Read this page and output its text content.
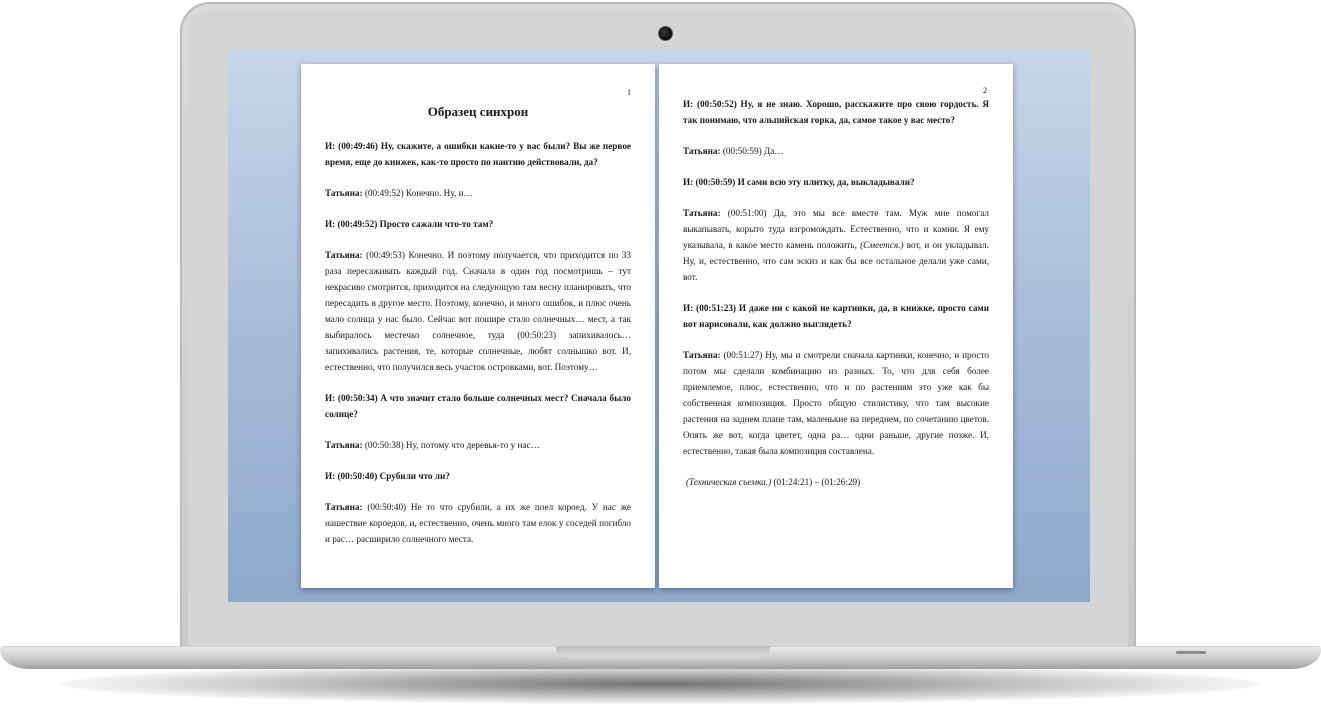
1
Образец синхрон

И: (00:49:46) Ну, скажите, а ошибки какие-то у вас были? Вы же первое время, еще до книжек, как-то просто по наитию действовали, да?

Татьяна: (00:49:52) Конечно. Ну, и…

И: (00:49:52) Просто сажали что-то там?

Татьяна: (00:49:53) Конечно. И поэтому получается, что приходится по 33 раза пересаживать каждый год. Сначала в один год посмотришь – тут некрасиво смотрится, приходится на следующую там весну планировать, что пересадить в другое место. Поэтому, конечно, и много ошибок, и плюс очень мало солнца у нас было. Сейчас вот пошире стало солнечных… мест, а так выбиралось местечко солнечное, туда (00:50:23) запихивалось… запихивались растения, те, которые солнечные, любят солнышко вот. И, естественно, что получился весь участок островками, вот. Поэтому…

И: (00:50:34) А что значит стало больше солнечных мест? Сначала было солнце?

Татьяна: (00:50:38) Ну, потому что деревья-то у нас…

И: (00:50:40) Срубили что ли?

Татьяна: (00:50:40) Не то что срубили, а их же поел короед. У нас же нашествие короедов, и, естественно, очень много там елок у соседей погибло и рас… расширило солнечного места.

2

И: (00:50:52) Ну, я не знаю. Хорошо, расскажите про свою гордость. Я так понимаю, что альпийская горка, да, самое такое у вас место?

Татьяна: (00:50:59) Да…

И: (00:50:59) И сами всю эту плитку, да, выкладывали?

Татьяна: (00:51:00) Да, это мы все вместе там. Муж мне помогал выкапывать, корыто туда взгромождать. Естественно, что и камни. Я ему указывала, в какое место камень положить, (Смеется.) вот, и он укладывал. Ну, и, естественно, что сам эскиз и как бы все остальное делали уже сами, вот.

И: (00:51:23) И даже ни с какой не картинки, да, в книжке, просто сами вот нарисовали, как должно выглядеть?

Татьяна: (00:51:27) Ну, мы и смотрели сначала картинки, конечно, и просто потом мы сделали комбинацию из разных. То, что для себя более приемлемое, плюс, естественно, что и по растениям это уже как бы собственная композиция. Просто общую стилистику, что там высокие растения на заднем плане там, маленькие на переднем, по сочетанию цветов. Опять же вот, когда цветет, одна ра… одни раньше, другие позже. И, естественно, такая была композиция составлена.

(Техническая съемка.) (01:24:21) – (01:26:29)
